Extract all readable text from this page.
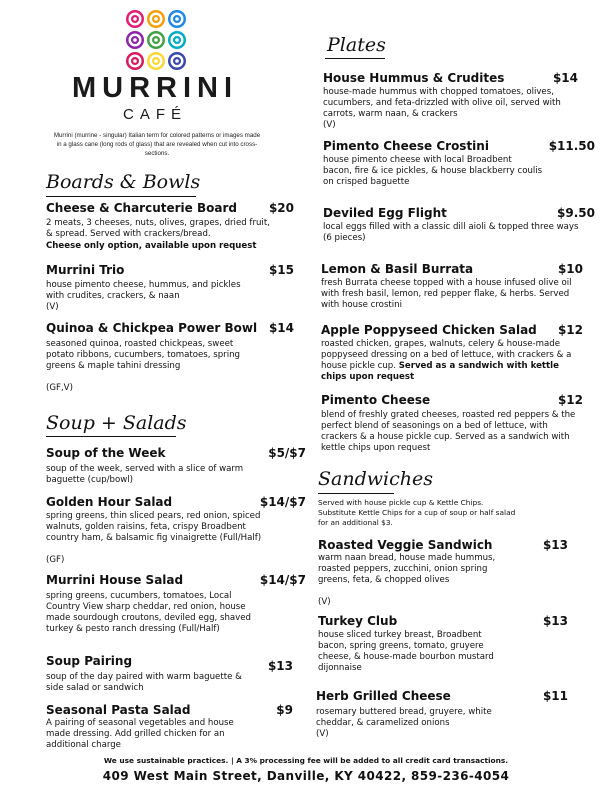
MURRINI
CAFÉ
Murrini (murrine - singular) Italian term for colored patterns or images made in a glass cane (long rods of glass) that are revealed when cut into cross-sections.
Boards & Bowls
Cheese & Charcuterie Board	$20
2 meats, 3 cheeses, nuts, olives, grapes, dried fruit, & spread. Served with crackers/bread.
Cheese only option, available upon request
Murrini Trio	$15
house pimento cheese, hummus, and pickles with crudites, crackers, & naan
(V)
Quinoa & Chickpea Power Bowl $14
seasoned quinoa, roasted chickpeas, sweet potato ribbons, cucumbers, tomatoes, spring greens & maple tahini dressing
(GF,V)
Soup + Salads
Soup of the Week	$5/$7
soup of the week, served with a slice of warm baguette (cup/bowl)
Golden Hour Salad	$14/$7
spring greens, thin sliced pears, red onion, spiced walnuts, golden raisins, feta, crispy Broadbent country ham, & balsamic fig vinaigrette (Full/Half)
(GF)
Murrini House Salad	$14/$7
spring greens, cucumbers, tomatoes, Local Country View sharp cheddar, red onion, house made sourdough croutons, deviled egg, shaved turkey & pesto ranch dressing (Full/Half)
Soup Pairing	$13
soup of the day paired with warm baguette & side salad or sandwich
Seasonal Pasta Salad	$9
A pairing of seasonal vegetables and house made dressing. Add grilled chicken for an additional charge
Plates
House Hummus & Crudites	$14
house-made hummus with chopped tomatoes, olives, cucumbers, and feta-drizzled with olive oil, served with carrots, warm naan, & crackers
(V)
Pimento Cheese Crostini	$11.50
house pimento cheese with local Broadbent bacon, fire & ice pickles, & house blackberry coulis on crisped baguette
Deviled Egg Flight	$9.50
local eggs filled with a classic dill aioli & topped three ways (6 pieces)
Lemon & Basil Burrata	$10
fresh Burrata cheese topped with a house infused olive oil with fresh basil, lemon, red pepper flake, & herbs. Served with house crostini
Apple Poppyseed Chicken Salad	$12
roasted chicken, grapes, walnuts, celery & house-made poppyseed dressing on a bed of lettuce, with crackers & a house pickle cup. Served as a sandwich with kettle chips upon request
Pimento Cheese	$12
blend of freshly grated cheeses, roasted red peppers & the perfect blend of seasonings on a bed of lettuce, with crackers & a house pickle cup. Served as a sandwich with kettle chips upon request
Sandwiches
Served with house pickle cup & Kettle Chips. Substitute Kettle Chips for a cup of soup or half salad for an additional $3.
Roasted Veggie Sandwich	$13
warm naan bread, house made hummus, roasted peppers, zucchini, onion spring greens, feta, & chopped olives
(V)
Turkey Club	$13
house sliced turkey breast, Broadbent bacon, spring greens, tomato, gruyere cheese, & house-made bourbon mustard dijonnaise
Herb Grilled Cheese	$11
rosemary buttered bread, gruyere, white cheddar, & caramelized onions
(V)
We use sustainable practices. | A 3% processing fee will be added to all credit card transactions.
409 West Main Street, Danville, KY 40422, 859-236-4054
